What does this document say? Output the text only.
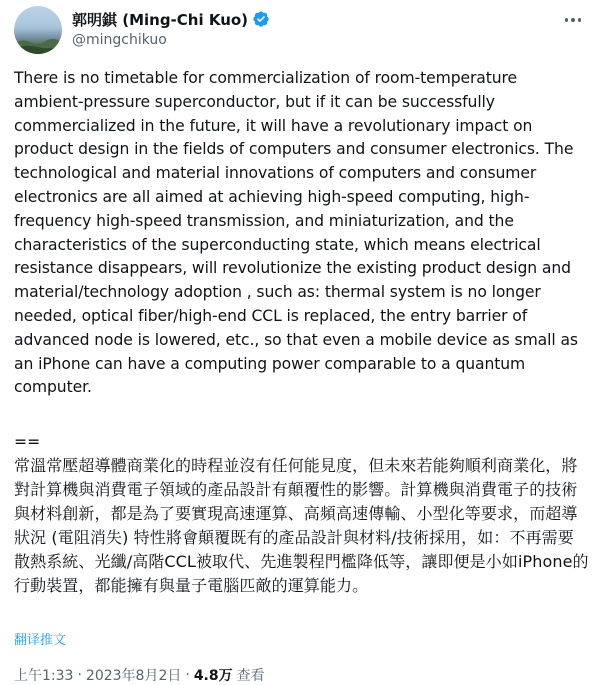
郭明錤 (Ming-Chi Kuo)
@mingchikuo
There is no timetable for commercialization of room-temperature ambient-pressure superconductor, but if it can be successfully commercialized in the future, it will have a revolutionary impact on product design in the fields of computers and consumer electronics. The technological and material innovations of computers and consumer electronics are all aimed at achieving high-speed computing, high-frequency high-speed transmission, and miniaturization, and the characteristics of the superconducting state, which means electrical resistance disappears, will revolutionize the existing product design and material/technology adoption , such as: thermal system is no longer needed, optical fiber/high-end CCL is replaced, the entry barrier of advanced node is lowered, etc., so that even a mobile device as small as an iPhone can have a computing power comparable to a quantum computer.
==
常溫常壓超導體商業化的時程並沒有任何能見度，但未來若能夠順利商業化，將對計算機與消費電子領域的產品設計有顛覆性的影響。計算機與消費電子的技術與材料創新，都是為了要實現高速運算、高頻高速傳輸、小型化等要求，而超導狀況 (電阻消失) 特性將會顛覆既有的產品設計與材料/技術採用，如：不再需要散熱系統、光纖/高階CCL被取代、先進製程門檻降低等，讓即便是小如iPhone的行動裝置，都能擁有與量子電腦匹敵的運算能力。
翻译推文
上午1:33 · 2023年8月2日 · 4.8万 查看
